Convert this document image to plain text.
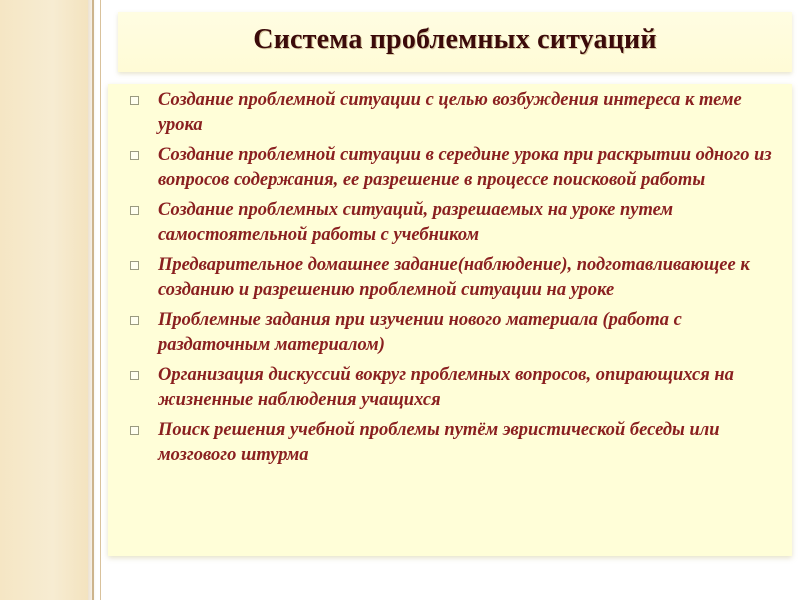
Система проблемных ситуаций
Создание проблемной ситуации с целью возбуждения интереса к теме урока
Создание проблемной ситуации в середине урока при раскрытии одного из вопросов содержания, ее разрешение в процессе поисковой работы
Создание проблемных ситуаций, разрешаемых на уроке путем самостоятельной работы с учебником
Предварительное домашнее задание(наблюдение), подготавливающее к созданию и разрешению проблемной ситуации на уроке
Проблемные задания при изучении нового материала (работа с раздаточным материалом)
Организация дискуссий вокруг проблемных вопросов, опирающихся на жизненные наблюдения учащихся
Поиск решения учебной проблемы путём эвристической беседы или мозгового штурма
